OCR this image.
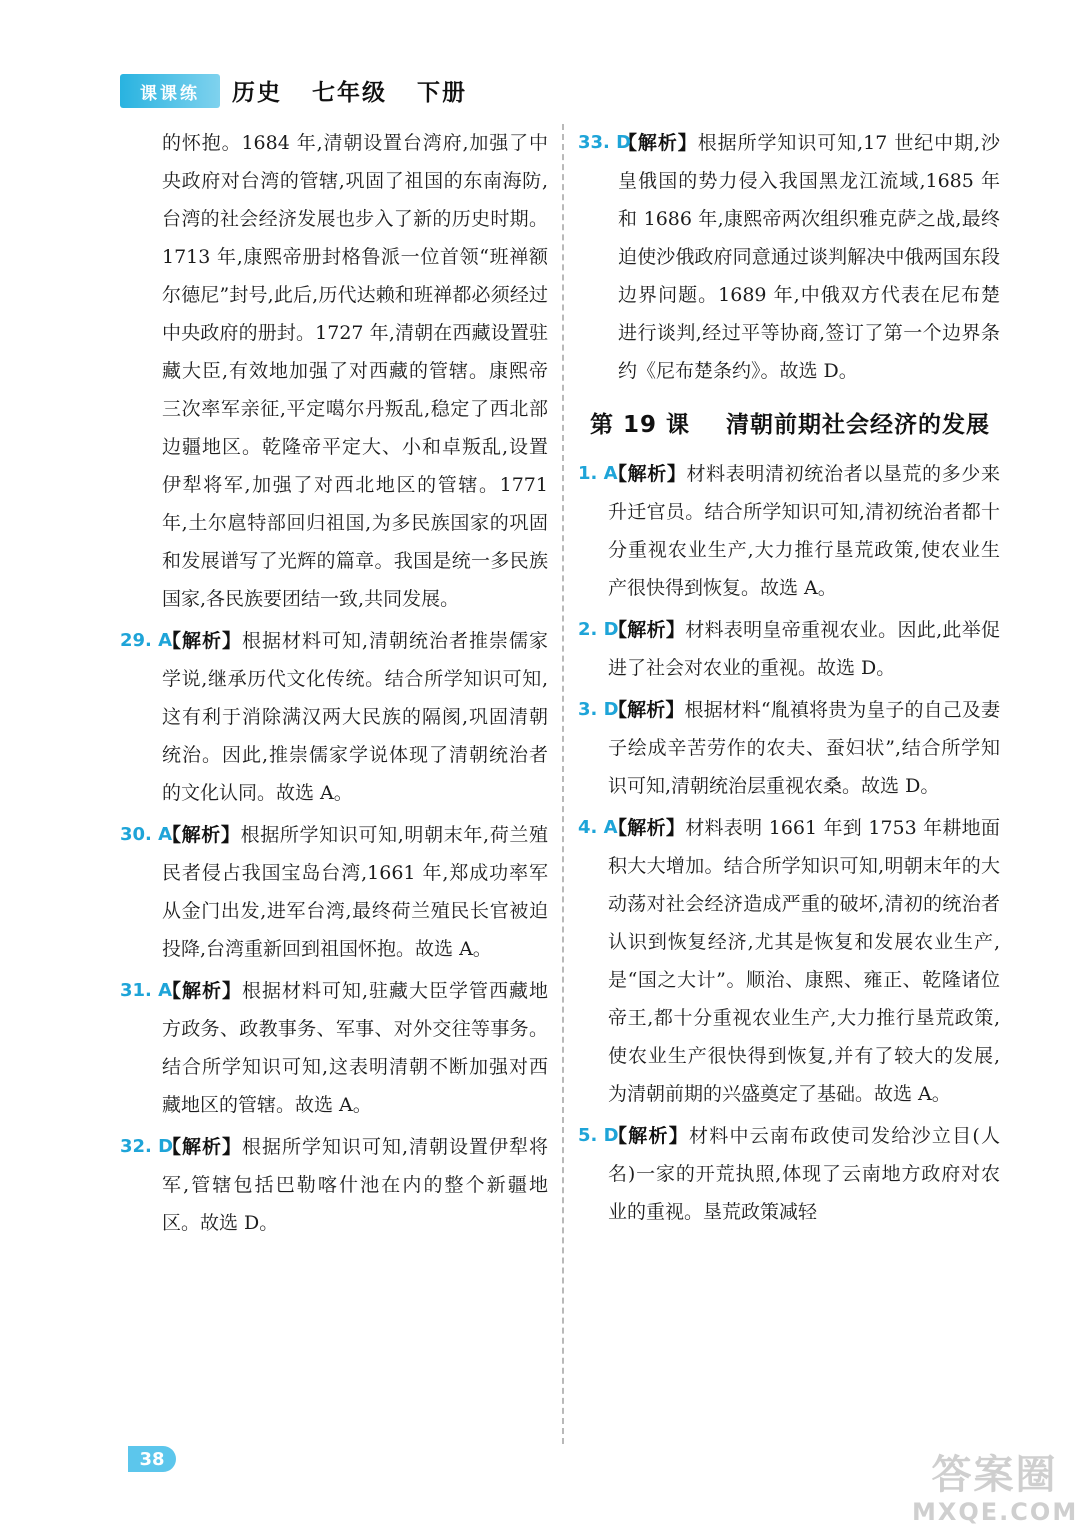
课课练	历史   七年级   下册
的怀抱。1684 年,清朝设置台湾府,加强了中央政府对台湾的管辖,巩固了祖国的东南海防,台湾的社会经济发展也步入了新的历史时期。1713 年,康熙帝册封格鲁派一位首领“班禅额尔德尼”封号,此后,历代达赖和班禅都必须经过中央政府的册封。1727 年,清朝在西藏设置驻藏大臣,有效地加强了对西藏的管辖。康熙帝三次率军亲征,平定噶尔丹叛乱,稳定了西北部边疆地区。乾隆帝平定大、小和卓叛乱,设置伊犁将军,加强了对西北地区的管辖。1771 年,土尔扈特部回归祖国,为多民族国家的巩固和发展谱写了光辉的篇章。我国是统一多民族国家,各民族要团结一致,共同发展。
29. A
【解析】根据材料可知,清朝统治者推崇儒家学说,继承历代文化传统。结合所学知识可知,这有利于消除满汉两大民族的隔阂,巩固清朝统治。因此,推崇儒家学说体现了清朝统治者的文化认同。故选 A。
30. A
【解析】根据所学知识可知,明朝末年,荷兰殖民者侵占我国宝岛台湾,1661 年,郑成功率军从金门出发,进军台湾,最终荷兰殖民长官被迫投降,台湾重新回到祖国怀抱。故选 A。
31. A
【解析】根据材料可知,驻藏大臣学管西藏地方政务、政教事务、军事、对外交往等事务。结合所学知识可知,这表明清朝不断加强对西藏地区的管辖。故选 A。
32. D
【解析】根据所学知识可知,清朝设置伊犁将军,管辖包括巴勒喀什池在内的整个新疆地区。故选 D。
33. D
【解析】根据所学知识可知,17 世纪中期,沙皇俄国的势力侵入我国黑龙江流域,1685 年和 1686 年,康熙帝两次组织雅克萨之战,最终迫使沙俄政府同意通过谈判解决中俄两国东段边界问题。1689 年,中俄双方代表在尼布楚进行谈判,经过平等协商,签订了第一个边界条约《尼布楚条约》。故选 D。
第 19 课    清朝前期社会经济的发展
1. A
【解析】材料表明清初统治者以垦荒的多少来升迁官员。结合所学知识可知,清初统治者都十分重视农业生产,大力推行垦荒政策,使农业生产很快得到恢复。故选 A。
2. D
【解析】材料表明皇帝重视农业。因此,此举促进了社会对农业的重视。故选 D。
3. D
【解析】根据材料“胤禛将贵为皇子的自己及妻子绘成辛苦劳作的农夫、蚕妇状”,结合所学知识可知,清朝统治层重视农桑。故选 D。
4. A
【解析】材料表明 1661 年到 1753 年耕地面积大大增加。结合所学知识可知,明朝末年的大动荡对社会经济造成严重的破坏,清初的统治者认识到恢复经济,尤其是恢复和发展农业生产,是“国之大计”。顺治、康熙、雍正、乾隆诸位帝王,都十分重视农业生产,大力推行垦荒政策,使农业生产很快得到恢复,并有了较大的发展,为清朝前期的兴盛奠定了基础。故选 A。
5. D
【解析】材料中云南布政使司发给沙立目(人名)一家的开荒执照,体现了云南地方政府对农业的重视。垦荒政策减轻
38	答案圈
MXQE.COM
